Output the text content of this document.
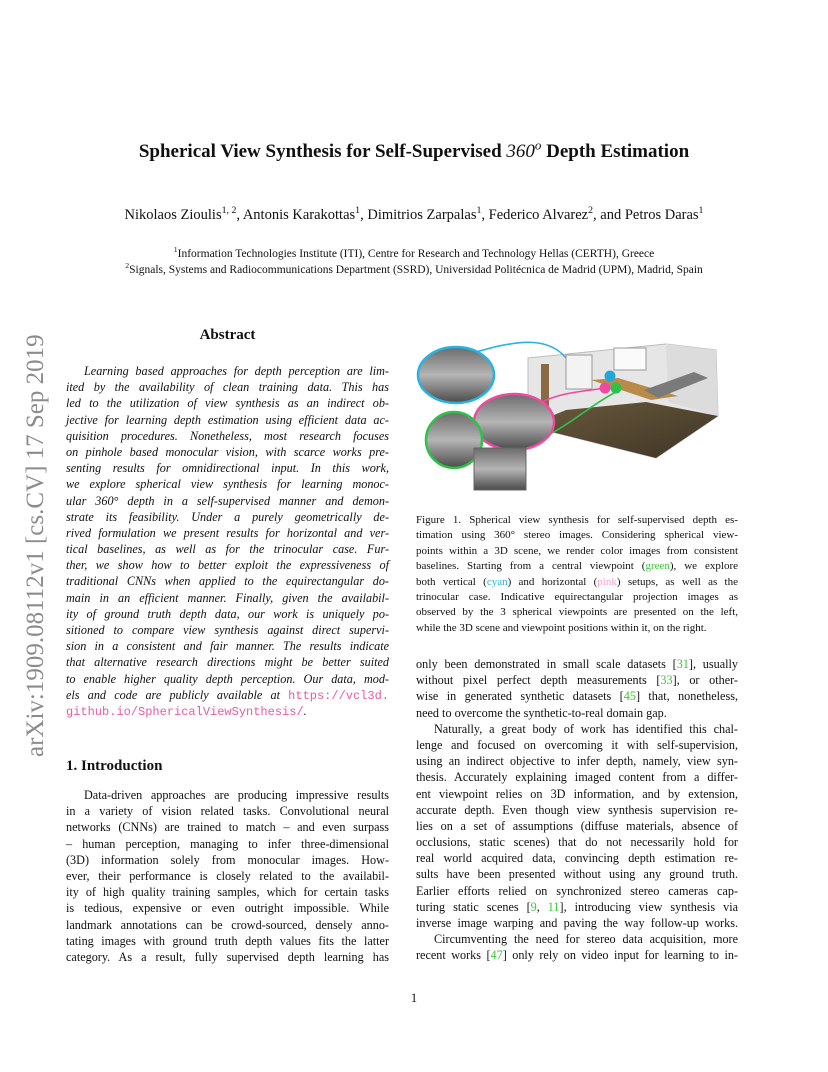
arXiv:1909.08112v1 [cs.CV] 17 Sep 2019
Spherical View Synthesis for Self-Supervised 360$^o$ Depth Estimation
Nikolaos Zioulis$^{1, 2}$, Antonis Karakottas$^1$, Dimitrios Zarpalas$^1$, Federico Alvarez$^2$, and Petros Daras$^1$
$^1$Information Technologies Institute (ITI), Centre for Research and Technology Hellas (CERTH), Greece
$^2$Signals, Systems and Radiocommunications Department (SSRD), Universidad Politécnica de Madrid (UPM), Madrid, Spain
Abstract
Learning based approaches for depth perception are lim-
ited by the availability of clean training data. This has
led to the utilization of view synthesis as an indirect ob-
jective for learning depth estimation using efficient data ac-
quisition procedures. Nonetheless, most research focuses
on pinhole based monocular vision, with scarce works pre-
senting results for omnidirectional input. In this work,
we explore spherical view synthesis for learning monoc-
ular 360° depth in a self-supervised manner and demon-
strate its feasibility. Under a purely geometrically de-
rived formulation we present results for horizontal and ver-
tical baselines, as well as for the trinocular case. Fur-
ther, we show how to better exploit the expressiveness of
traditional CNNs when applied to the equirectangular do-
main in an efficient manner. Finally, given the availabil-
ity of ground truth depth data, our work is uniquely po-
sitioned to compare view synthesis against direct supervi-
sion in a consistent and fair manner. The results indicate
that alternative research directions might be better suited
to enable higher quality depth perception. Our data, mod-
els and code are publicly available at https://vcl3d.
github.io/SphericalViewSynthesis/.
1. Introduction
Data-driven approaches are producing impressive results
in a variety of vision related tasks. Convolutional neural
networks (CNNs) are trained to match – and even surpass
– human perception, managing to infer three-dimensional
(3D) information solely from monocular images. How-
ever, their performance is closely related to the availabil-
ity of high quality training samples, which for certain tasks
is tedious, expensive or even outright impossible. While
landmark annotations can be crowd-sourced, densely anno-
tating images with ground truth depth values fits the latter
category. As a result, fully supervised depth learning has
Figure 1. Spherical view synthesis for self-supervised depth es-
timation using 360° stereo images. Considering spherical view-
points within a 3D scene, we render color images from consistent
baselines. Starting from a central viewpoint (green), we explore
both vertical (cyan) and horizontal (pink) setups, as well as the
trinocular case. Indicative equirectangular projection images as
observed by the 3 spherical viewpoints are presented on the left,
while the 3D scene and viewpoint positions within it, on the right.
only been demonstrated in small scale datasets [31], usually
without pixel perfect depth measurements [33], or other-
wise in generated synthetic datasets [45] that, nonetheless,
need to overcome the synthetic-to-real domain gap.
Naturally, a great body of work has identified this chal-
lenge and focused on overcoming it with self-supervision,
using an indirect objective to infer depth, namely, view syn-
thesis. Accurately explaining imaged content from a differ-
ent viewpoint relies on 3D information, and by extension,
accurate depth. Even though view synthesis supervision re-
lies on a set of assumptions (diffuse materials, absence of
occlusions, static scenes) that do not necessarily hold for
real world acquired data, convincing depth estimation re-
sults have been presented without using any ground truth.
Earlier efforts relied on synchronized stereo cameras cap-
turing static scenes [9, 11], introducing view synthesis via
inverse image warping and paving the way follow-up works.
Circumventing the need for stereo data acquisition, more
recent works [47] only rely on video input for learning to in-
1
